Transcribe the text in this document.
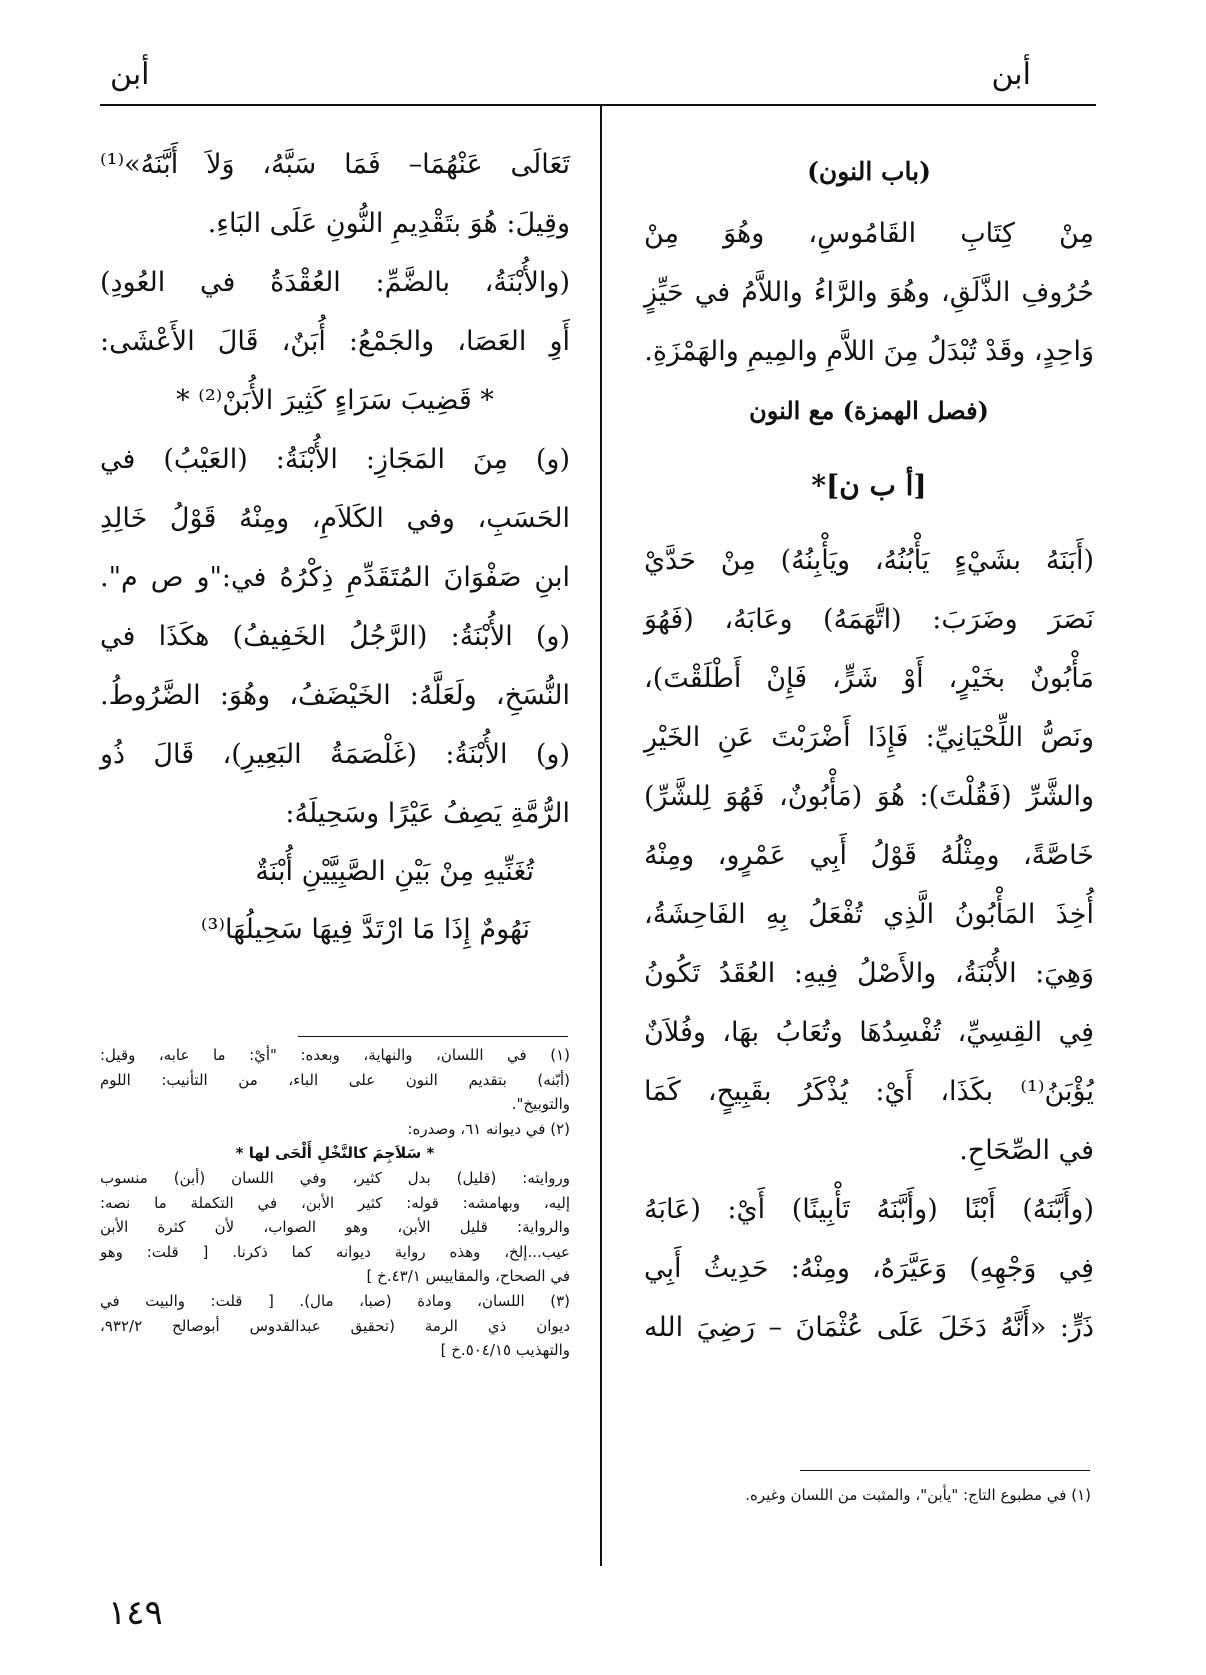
أبن
أبن
(باب النون)
مِنْ كِتَابِ القَامُوسِ، وهُوَ مِنْ
حُرُوفِ الذَّلَقِ، وهُوَ والرَّاءُ واللاَّمُ في حَيِّزٍ
وَاحِدٍ، وقَدْ تُبْدَلُ مِنَ اللاَّمِ والمِيمِ والهَمْزَةِ.
(فصل الهمزة) مع النون
[أ ب ن]*
(أَبَنَهُ بشَيْءٍ يَأْبُنُهُ، ويَأْبِنُهُ) مِنْ حَدَّيْ
نَصَرَ وضَرَبَ: (اتَّهَمَهُ) وعَابَهُ، (فَهُوَ
مَأْبُونٌ بخَيْرٍ، أَوْ شَرٍّ، فَإِنْ أَطْلَقْتَ)،
ونَصُّ اللِّحْيَانِيِّ: فَإِذَا أَضْرَبْتَ عَنِ الخَيْرِ
والشَّرِّ (فَقُلْتَ): هُوَ (مَأْبُونٌ، فَهُوَ لِلشَّرِّ)
خَاصَّةً، ومِثْلُهُ قَوْلُ أَبِي عَمْرٍو، ومِنْهُ
أُخِذَ المَأْبُونُ الَّذِي تُفْعَلُ بِهِ الفَاحِشَةُ،
وَهِيَ: الأُبْنَةُ، والأَصْلُ فِيهِ: العُقَدُ تَكُونُ
فِي القِسِيِّ، تُفْسِدُهَا وتُعَابُ بهَا، وفُلاَنٌ
يُؤْبَنُ⁽¹⁾ بكَذَا، أَيْ: يُذْكَرُ بقَبِيحٍ، كَمَا
في الصِّحَاحِ.
(وأَبَّنَهُ) أَبْنًا (وأَبَّنَهُ تَأْبِينًا) أَيْ: (عَابَهُ
فِي وَجْهِهِ) وَعَيَّرَهُ، ومِنْهُ: حَدِيثُ أَبِي
ذَرٍّ: «أَنَّهُ دَخَلَ عَلَى عُثْمَانَ – رَضِيَ الله
تَعَالَى عَنْهُمَا– فَمَا سَبَّهُ، وَلاَ أَبَّنَهُ»⁽¹⁾
وقِيلَ: هُوَ بتَقْدِيمِ النُّونِ عَلَى البَاءِ.
(والأُبْنَةُ، بالضَّمِّ: العُقْدَةُ في العُودِ)
أَوِ العَصَا، والجَمْعُ: أُبَنٌ، قَالَ الأَعْشَى:
* قَضِيبَ سَرَاءٍ كَثِيرَ الأُبَنْ⁽²⁾ *
(و) مِنَ المَجَازِ: الأُبْنَةُ: (العَيْبُ) في
الحَسَبِ، وفي الكَلاَمِ، ومِنْهُ قَوْلُ خَالِدِ
ابنِ صَفْوَانَ المُتَقَدِّمِ ذِكْرُهُ في:"و ص م".
(و) الأُبْنَةُ: (الرَّجُلُ الخَفِيفُ) هكَذَا في
النُّسَخِ، ولَعَلَّهُ: الخَيْضَفُ، وهُوَ: الضَّرُوطُ.
(و) الأُبْنَةُ: (غَلْصَمَةُ البَعِيرِ)، قَالَ ذُو
الرُّمَّةِ يَصِفُ عَيْرًا وسَحِيلَهُ:
تُغَنِّيهِ مِنْ بَيْنِ الصَّبِيَّيْنِ أُبْنَةٌ
نَهُومٌ إِذَا مَا ارْتَدَّ فِيهَا سَحِيلُهَا⁽³⁾
(١) في اللسان، والنهاية، وبعده: "أيْ: ما عابه، وقيل:
(أبّنه) بتقديم النون على الباء، من التأنيب: اللوم
والتوبيخ".
(٢) في ديوانه ٦١، وصدره:
* سَلاَجِمَ كالنَّخْلِ أَلْحَى لها *
وروايته: (قليل) بدل كثير، وفي اللسان (أبن) منسوب
إليه، وبهامشه: قوله: كثير الأبن، في التكملة ما نصه:
والرواية: قليل الأبن، وهو الصواب، لأن كثرة الأبن
عيب...إلخ، وهذه رواية ديوانه كما ذكرنا. [ قلت: وهو
في الصحاح، والمقاييس ٤٣/١.خ ]
(٣) اللسان، ومادة (صبا، مال). [ قلت: والبيت في
ديوان ذي الرمة (تحقيق عبدالقدوس أبوصالح ٩٣٢/٢،
والتهذيب ٥٠٤/١٥.خ ]
(١) في مطبوع التاج: "يأبن"، والمثبت من اللسان وغيره.
١٤٩
